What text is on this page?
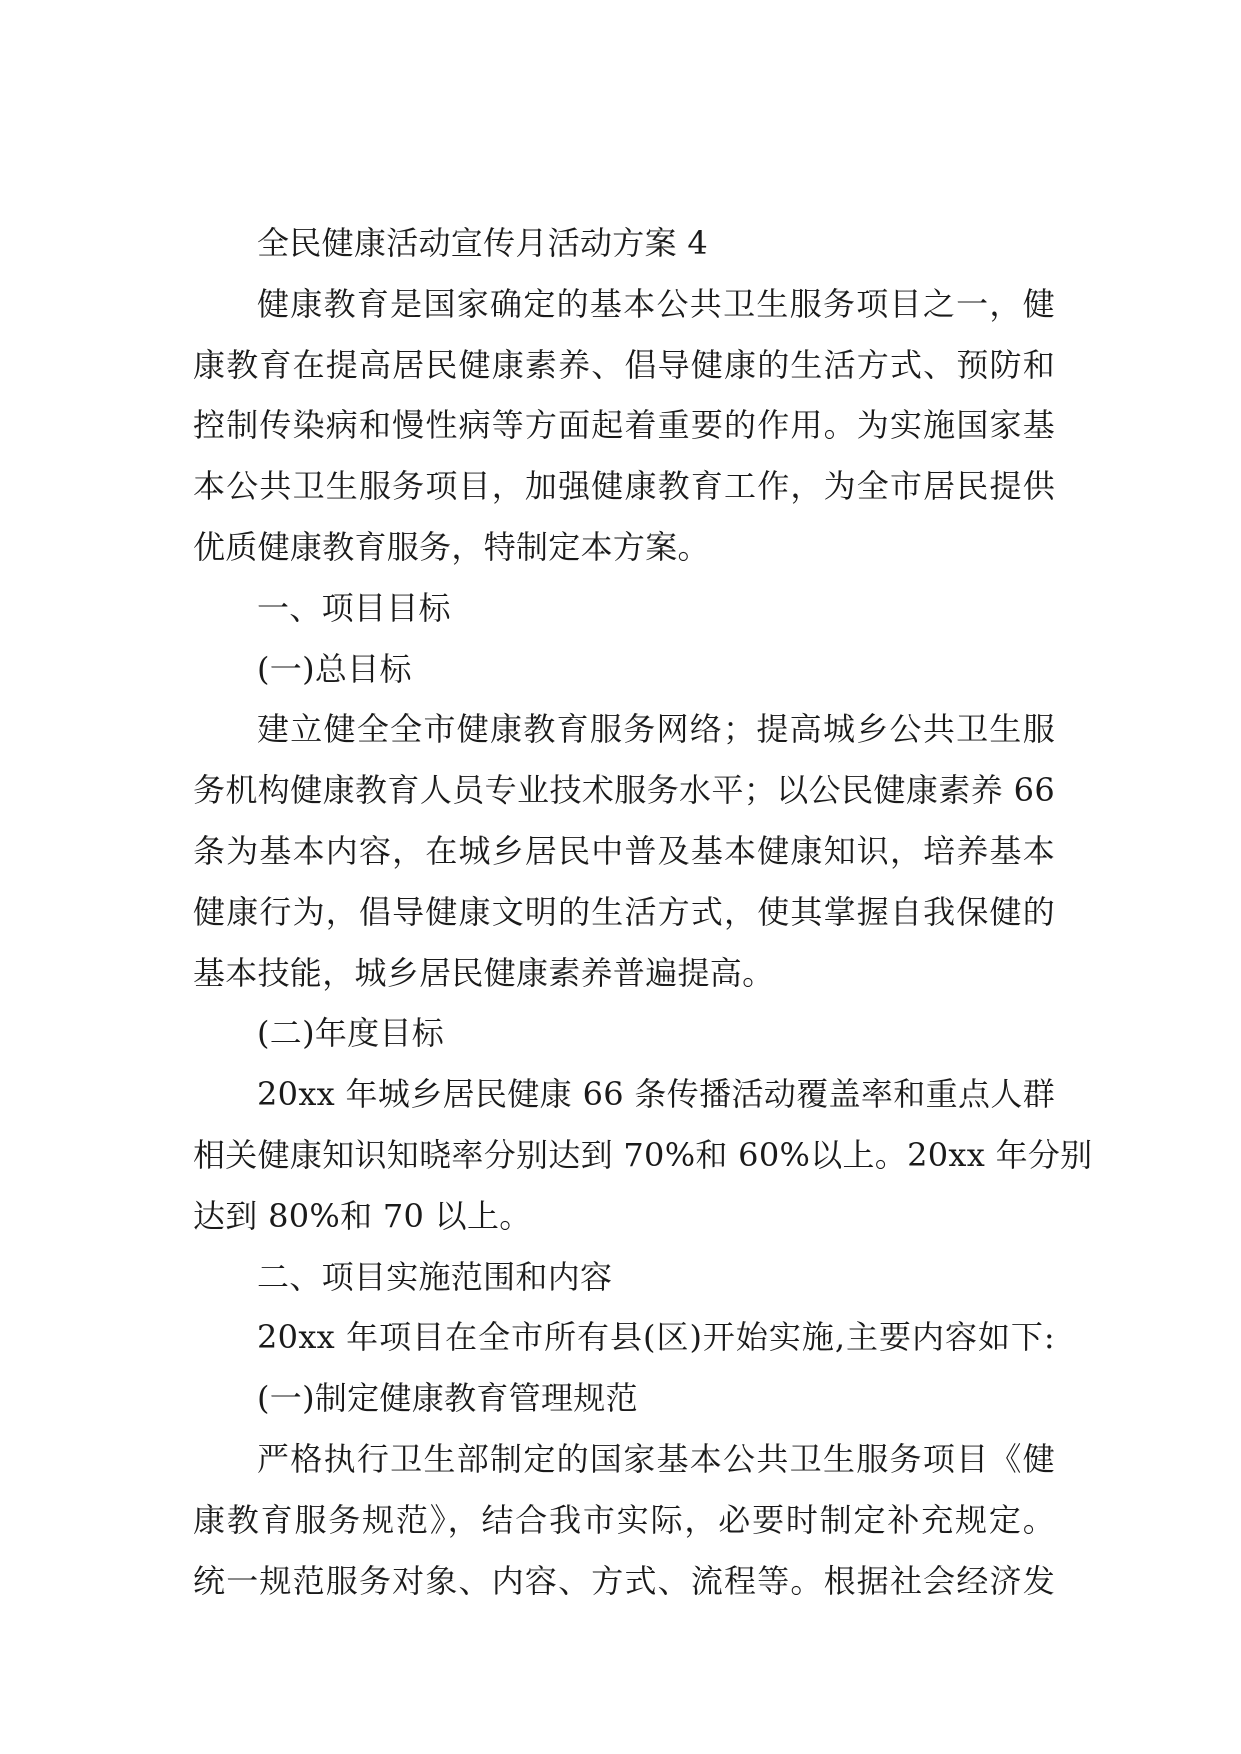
全民健康活动宣传月活动方案 4
健康教育是国家确定的基本公共卫生服务项目之一，健
康教育在提高居民健康素养、倡导健康的生活方式、预防和
控制传染病和慢性病等方面起着重要的作用。为实施国家基
本公共卫生服务项目，加强健康教育工作，为全市居民提供
优质健康教育服务，特制定本方案。
一、项目目标
(一)总目标
建立健全全市健康教育服务网络；提高城乡公共卫生服
务机构健康教育人员专业技术服务水平；以公民健康素养 66
条为基本内容，在城乡居民中普及基本健康知识，培养基本
健康行为，倡导健康文明的生活方式，使其掌握自我保健的
基本技能，城乡居民健康素养普遍提高。
(二)年度目标
20xx 年城乡居民健康 66 条传播活动覆盖率和重点人群
相关健康知识知晓率分别达到 70%和 60%以上。20xx 年分别
达到 80%和 70 以上。
二、项目实施范围和内容
20xx 年项目在全市所有县(区)开始实施,主要内容如下:
(一)制定健康教育管理规范
严格执行卫生部制定的国家基本公共卫生服务项目《健
康教育服务规范》，结合我市实际，必要时制定补充规定。
统一规范服务对象、内容、方式、流程等。根据社会经济发
